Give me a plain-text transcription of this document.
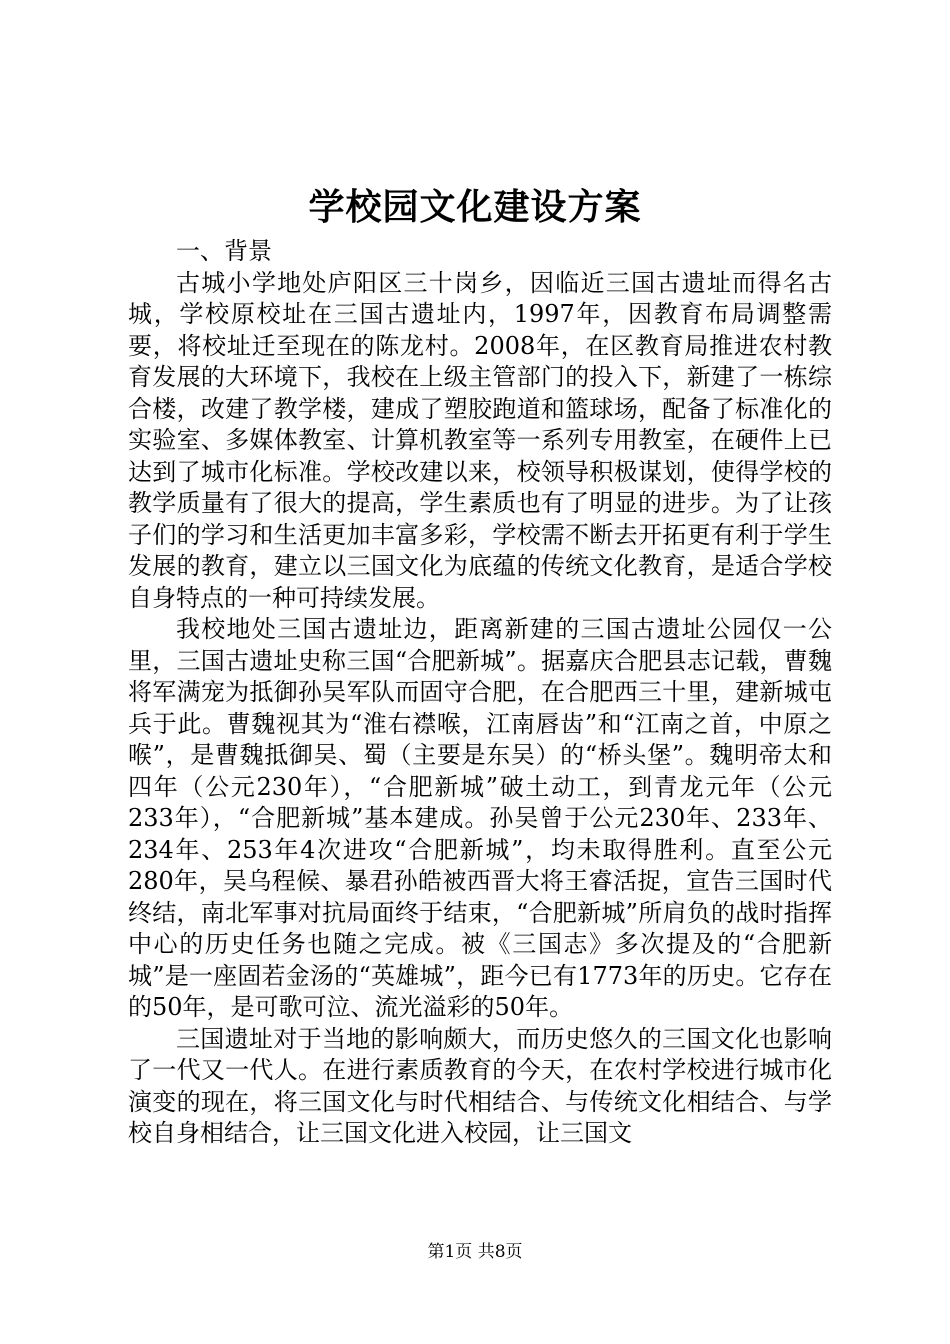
学校园文化建设方案

一、背景

古城小学地处庐阳区三十岗乡，因临近三国古遗址而得名古城，学校原校址在三国古遗址内，1997年，因教育布局调整需要，将校址迁至现在的陈龙村。2008年，在区教育局推进农村教育发展的大环境下，我校在上级主管部门的投入下，新建了一栋综合楼，改建了教学楼，建成了塑胶跑道和篮球场，配备了标准化的实验室、多媒体教室、计算机教室等一系列专用教室，在硬件上已达到了城市化标准。学校改建以来，校领导积极谋划，使得学校的教学质量有了很大的提高，学生素质也有了明显的进步。为了让孩子们的学习和生活更加丰富多彩，学校需不断去开拓更有利于学生发展的教育，建立以三国文化为底蕴的传统文化教育，是适合学校自身特点的一种可持续发展。

我校地处三国古遗址边，距离新建的三国古遗址公园仅一公里，三国古遗址史称三国“合肥新城”。据嘉庆合肥县志记载，曹魏将军满宠为抵御孙吴军队而固守合肥，在合肥西三十里，建新城屯兵于此。曹魏视其为“淮右襟喉，江南唇齿”和“江南之首，中原之喉”，是曹魏抵御吴、蜀（主要是东吴）的“桥头堡”。魏明帝太和四年（公元230年），“合肥新城”破土动工，到青龙元年（公元233年），“合肥新城”基本建成。孙吴曾于公元230年、233年、234年、253年4次进攻“合肥新城”，均未取得胜利。直至公元280年，吴乌程候、暴君孙皓被西晋大将王睿活捉，宣告三国时代终结，南北军事对抗局面终于结束，“合肥新城”所肩负的战时指挥中心的历史任务也随之完成。被《三国志》多次提及的“合肥新城”是一座固若金汤的“英雄城”，距今已有1773年的历史。它存在的50年，是可歌可泣、流光溢彩的50年。

三国遗址对于当地的影响颇大，而历史悠久的三国文化也影响了一代又一代人。在进行素质教育的今天，在农村学校进行城市化演变的现在，将三国文化与时代相结合、与传统文化相结合、与学校自身相结合，让三国文化进入校园，让三国文

第1页 共8页
